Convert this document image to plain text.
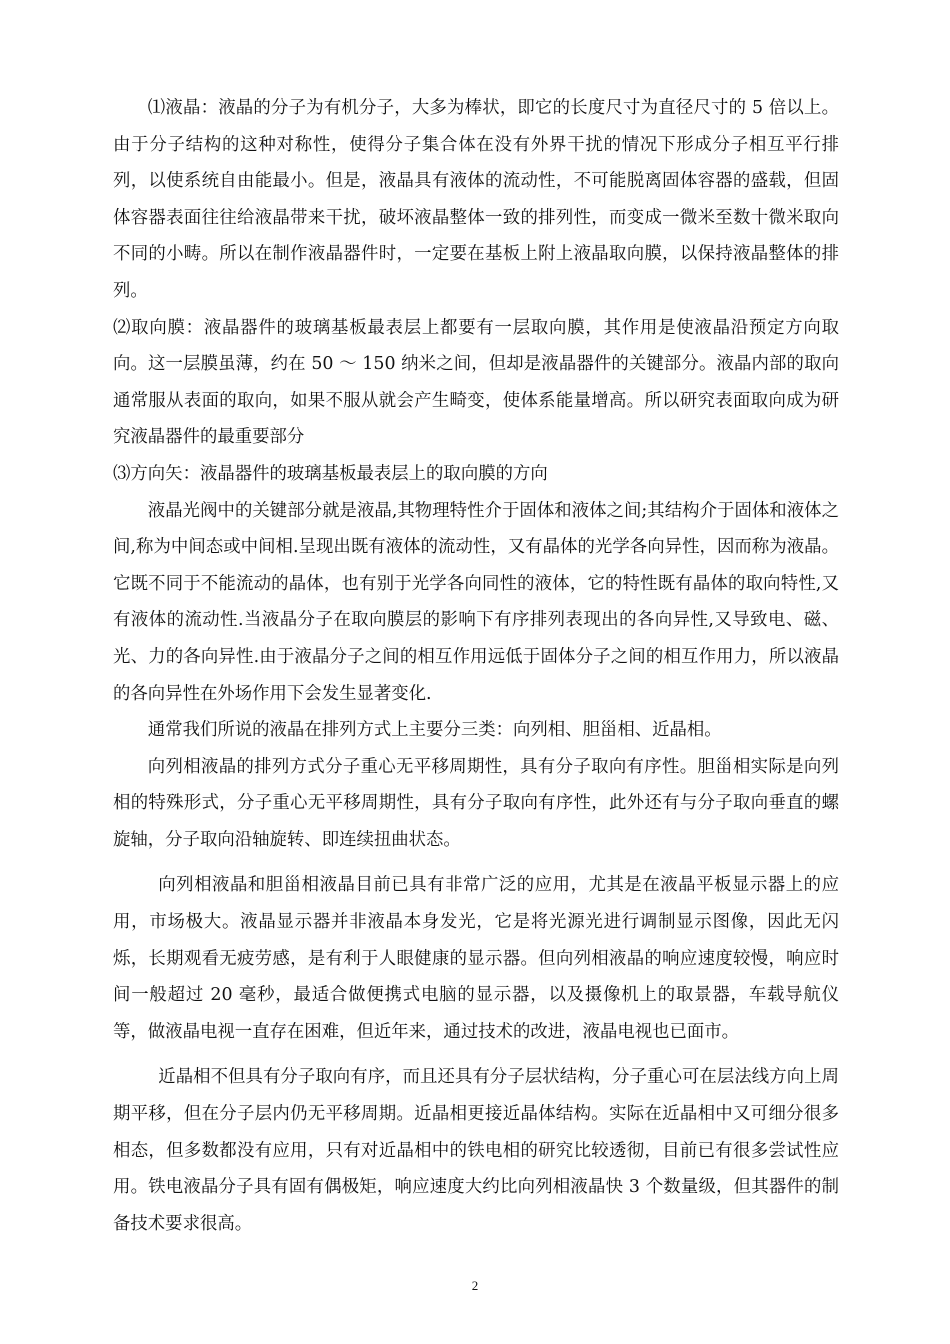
⑴液晶：液晶的分子为有机分子，大多为棒状，即它的长度尺寸为直径尺寸的 5 倍以上。由于分子结构的这种对称性，使得分子集合体在没有外界干扰的情况下形成分子相互平行排列，以使系统自由能最小。但是，液晶具有液体的流动性，不可能脱离固体容器的盛载，但固体容器表面往往给液晶带来干扰，破坏液晶整体一致的排列性，而变成一微米至数十微米取向不同的小畴。所以在制作液晶器件时，一定要在基板上附上液晶取向膜，以保持液晶整体的排列。

⑵取向膜：液晶器件的玻璃基板最表层上都要有一层取向膜，其作用是使液晶沿预定方向取向。这一层膜虽薄，约在 50 ～ 150 纳米之间，但却是液晶器件的关键部分。液晶内部的取向通常服从表面的取向，如果不服从就会产生畸变，使体系能量增高。所以研究表面取向成为研究液晶器件的最重要部分

⑶方向矢：液晶器件的玻璃基板最表层上的取向膜的方向

液晶光阀中的关键部分就是液晶,其物理特性介于固体和液体之间;其结构介于固体和液体之间,称为中间态或中间相.呈现出既有液体的流动性，又有晶体的光学各向异性，因而称为液晶。它既不同于不能流动的晶体，也有别于光学各向同性的液体，它的特性既有晶体的取向特性,又有液体的流动性.当液晶分子在取向膜层的影响下有序排列表现出的各向异性,又导致电、磁、光、力的各向异性.由于液晶分子之间的相互作用远低于固体分子之间的相互作用力，所以液晶的各向异性在外场作用下会发生显著变化.

通常我们所说的液晶在排列方式上主要分三类：向列相、胆甾相、近晶相。

向列相液晶的排列方式分子重心无平移周期性，具有分子取向有序性。胆甾相实际是向列相的特殊形式，分子重心无平移周期性，具有分子取向有序性，此外还有与分子取向垂直的螺旋轴，分子取向沿轴旋转、即连续扭曲状态。

向列相液晶和胆甾相液晶目前已具有非常广泛的应用，尤其是在液晶平板显示器上的应用，市场极大。液晶显示器并非液晶本身发光，它是将光源光进行调制显示图像，因此无闪烁，长期观看无疲劳感，是有利于人眼健康的显示器。但向列相液晶的响应速度较慢，响应时间一般超过 20 毫秒，最适合做便携式电脑的显示器，以及摄像机上的取景器，车载导航仪等，做液晶电视一直存在困难，但近年来，通过技术的改进，液晶电视也已面市。

近晶相不但具有分子取向有序，而且还具有分子层状结构，分子重心可在层法线方向上周期平移，但在分子层内仍无平移周期。近晶相更接近晶体结构。实际在近晶相中又可细分很多相态，但多数都没有应用，只有对近晶相中的铁电相的研究比较透彻，目前已有很多尝试性应用。铁电液晶分子具有固有偶极矩，响应速度大约比向列相液晶快 3 个数量级，但其器件的制备技术要求很高。

2
